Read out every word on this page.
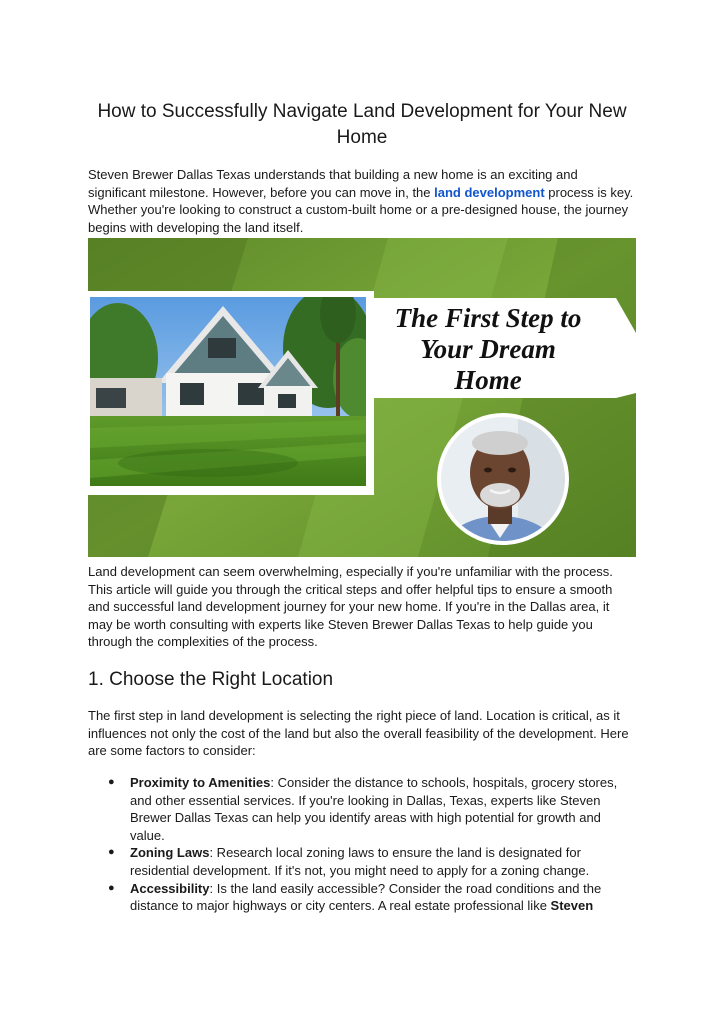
How to Successfully Navigate Land Development for Your New Home

Steven Brewer Dallas Texas understands that building a new home is an exciting and significant milestone. However, before you can move in, the land development process is key. Whether you're looking to construct a custom-built home or a pre-designed house, the journey begins with developing the land itself.

The First Step to
Your Dream
Home

Land development can seem overwhelming, especially if you're unfamiliar with the process. This article will guide you through the critical steps and offer helpful tips to ensure a smooth and successful land development journey for your new home. If you're in the Dallas area, it may be worth consulting with experts like Steven Brewer Dallas Texas to help guide you through the complexities of the process.

1. Choose the Right Location

The first step in land development is selecting the right piece of land. Location is critical, as it influences not only the cost of the land but also the overall feasibility of the development. Here are some factors to consider:

● Proximity to Amenities: Consider the distance to schools, hospitals, grocery stores, and other essential services. If you're looking in Dallas, Texas, experts like Steven Brewer Dallas Texas can help you identify areas with high potential for growth and value.
● Zoning Laws: Research local zoning laws to ensure the land is designated for residential development. If it's not, you might need to apply for a zoning change.
● Accessibility: Is the land easily accessible? Consider the road conditions and the distance to major highways or city centers. A real estate professional like Steven
